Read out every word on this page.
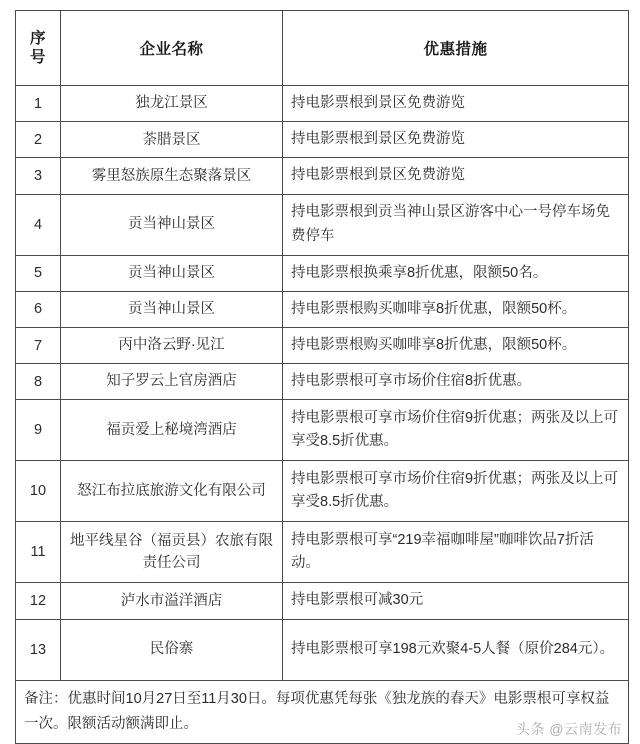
序号	企业名称	优惠措施
1	独龙江景区	持电影票根到景区免费游览
2	荼腊景区	持电影票根到景区免费游览
3	雾里怒族原生态聚落景区	持电影票根到景区免费游览
4	贡当神山景区	持电影票根到贡当神山景区游客中心一号停车场免费停车
5	贡当神山景区	持电影票根换乘享8折优惠，限额50名。
6	贡当神山景区	持电影票根购买咖啡享8折优惠，限额50杯。
7	丙中洛云野·见江	持电影票根购买咖啡享8折优惠，限额50杯。
8	知子罗云上官房酒店	持电影票根可享市场价住宿8折优惠。
9	福贡爱上秘境湾酒店	持电影票根可享市场价住宿9折优惠；两张及以上可享受8.5折优惠。
10	怒江布拉底旅游文化有限公司	持电影票根可享市场价住宿9折优惠；两张及以上可享受8.5折优惠。
11	地平线星谷（福贡县）农旅有限责任公司	持电影票根可享“219幸福咖啡屋”咖啡饮品7折活动。
12	泸水市溢洋酒店	持电影票根可减30元
13	民俗寨	持电影票根可享198元欢聚4-5人餐（原价284元）。
备注：优惠时间10月27日至11月30日。每项优惠凭每张《独龙族的春天》电影票根可享权益一次。限额活动额满即止。 头条 @云南发布		
